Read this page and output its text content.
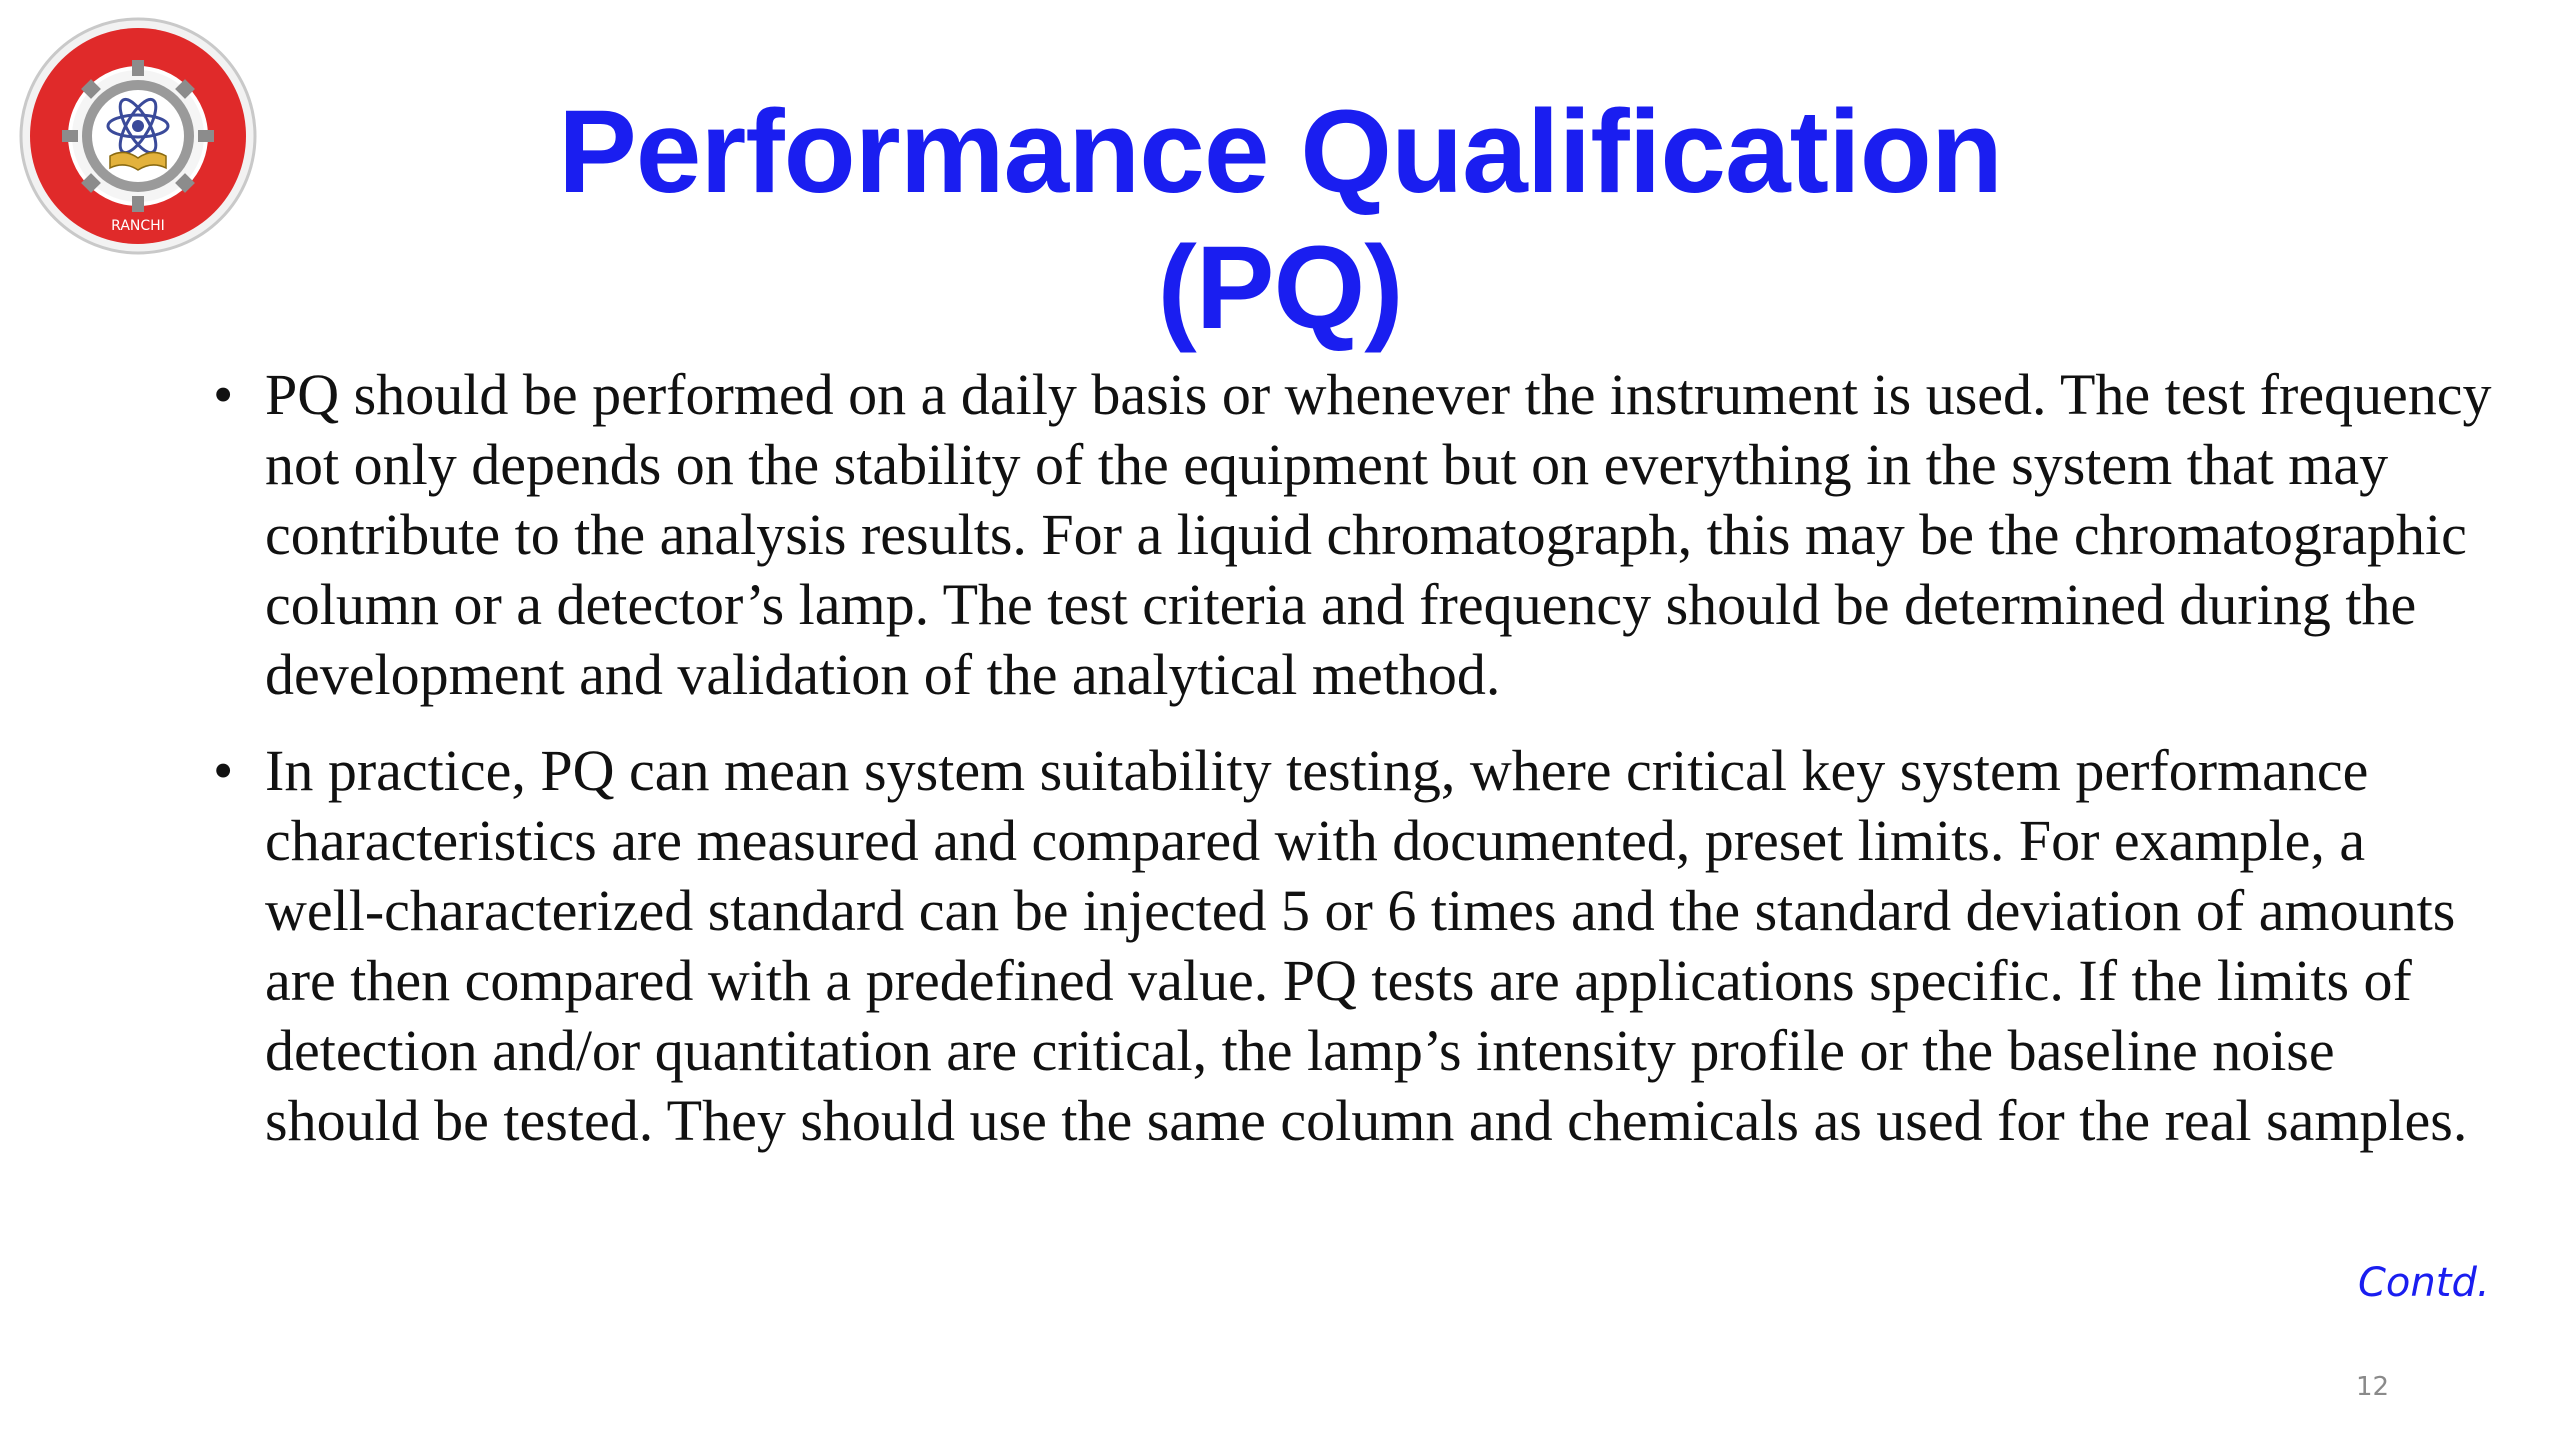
RANCHI
Performance Qualification
(PQ)
• PQ should be performed on a daily basis or whenever the instrument is used. The test frequency not only depends on the stability of the equipment but on everything in the system that may contribute to the analysis results. For a liquid chromatograph, this may be the chromatographic column or a detector’s lamp. The test criteria and frequency should be determined during the development and validation of the analytical method.
• In practice, PQ can mean system suitability testing, where critical key system performance characteristics are measured and compared with documented, preset limits. For example, a well-characterized standard can be injected 5 or 6 times and the standard deviation of amounts are then compared with a predefined value. PQ tests are applications specific. If the limits of detection and/or quantitation are critical, the lamp’s intensity profile or the baseline noise should be tested. They should use the same column and chemicals as used for the real samples.
Contd.
12
